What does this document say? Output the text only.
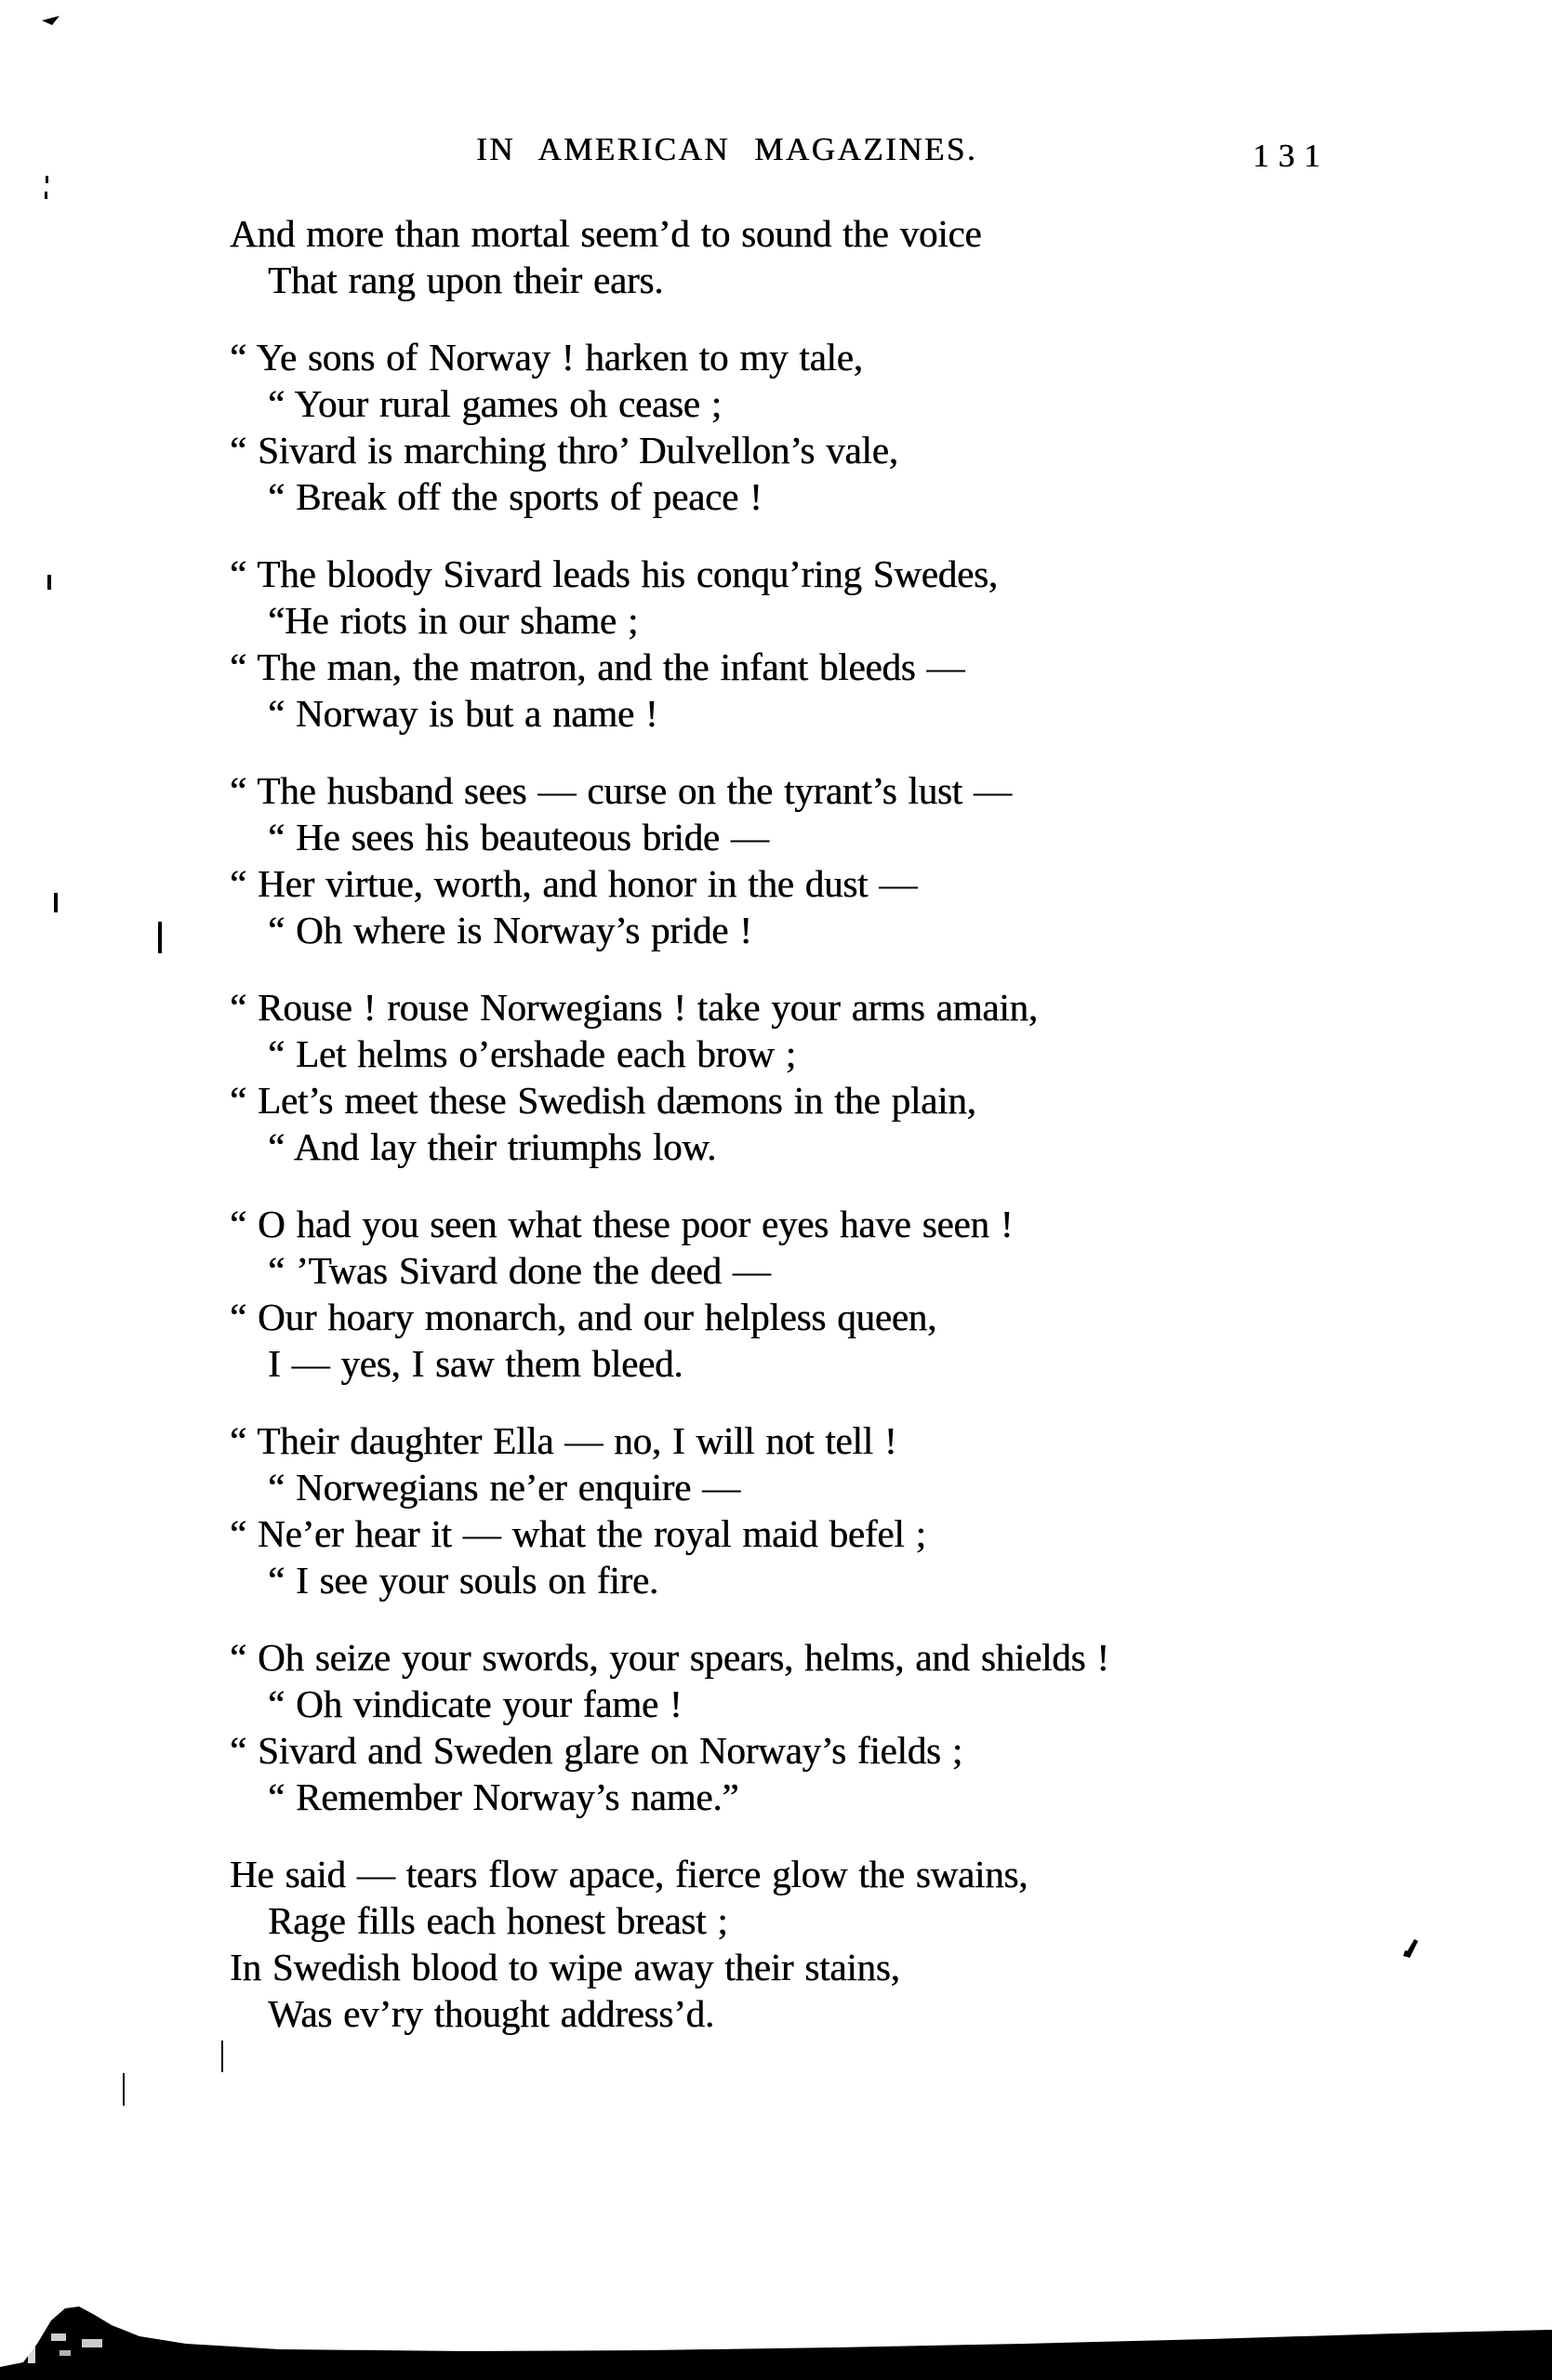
IN AMERICAN MAGAZINES.	131

And more than mortal seem’d to sound the voice

That rang upon their ears.

“ Ye sons of Norway ! harken to my tale,

“ Your rural games oh cease ;

“ Sivard is marching thro’ Dulvellon’s vale,

“ Break off the sports of peace !

“ The bloody Sivard leads his conqu’ring Swedes,

“He riots in our shame ;

“ The man, the matron, and the infant bleeds —

“ Norway is but a name !

“ The husband sees — curse on the tyrant’s lust —

“ He sees his beauteous bride —

“ Her virtue, worth, and honor in the dust —

“ Oh where is Norway’s pride !

“ Rouse ! rouse Norwegians ! take your arms amain,

“ Let helms o’ershade each brow ;

“ Let’s meet these Swedish dæmons in the plain,

“ And lay their triumphs low.

“ O had you seen what these poor eyes have seen !

“ ’Twas Sivard done the deed —

“ Our hoary monarch, and our helpless queen,

I — yes, I saw them bleed.

“ Their daughter Ella — no, I will not tell !

“ Norwegians ne’er enquire —

“ Ne’er hear it — what the royal maid befel ;

“ I see your souls on fire.

“ Oh seize your swords, your spears, helms, and shields !

“ Oh vindicate your fame !

“ Sivard and Sweden glare on Norway’s fields ;

“ Remember Norway’s name.”

He said — tears flow apace, fierce glow the swains,

Rage fills each honest breast ;

In Swedish blood to wipe away their stains,

Was ev’ry thought address’d.
